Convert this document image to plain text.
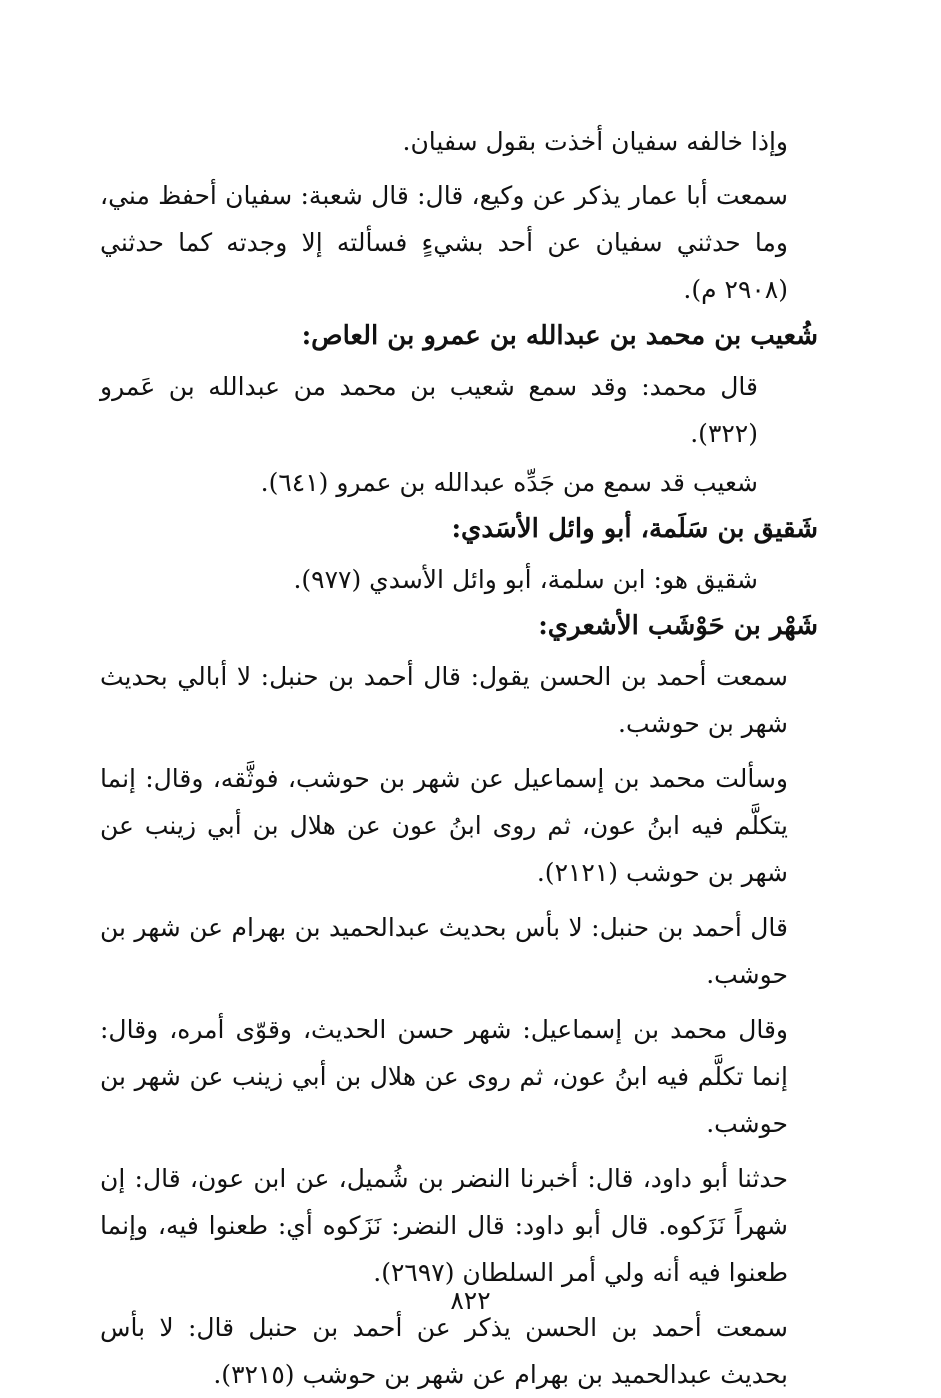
وإذا خالفه سفيان أخذت بقول سفيان.

سمعت أبا عمار يذكر عن وكيع، قال: قال شعبة: سفيان أحفظ مني، وما حدثني سفيان عن أحد بشيءٍ فسألته إلا وجدته كما حدثني (٢٩٠٨ م).

شُعيب بن محمد بن عبدالله بن عمرو بن العاص:

قال محمد: وقد سمع شعيب بن محمد من عبدالله بن عَمرو (٣٢٢).

شعيب قد سمع من جَدِّه عبدالله بن عمرو (٦٤١).

شَقيق بن سَلَمة، أبو وائل الأسَدي:

شقيق هو: ابن سلمة، أبو وائل الأسدي (٩٧٧).

شَهْر بن حَوْشَب الأشعري:

سمعت أحمد بن الحسن يقول: قال أحمد بن حنبل: لا أبالي بحديث شهر بن حوشب.

وسألت محمد بن إسماعيل عن شهر بن حوشب، فوثَّقه، وقال: إنما يتكلَّم فيه ابنُ عون، ثم روى ابنُ عون عن هلال بن أبي زينب عن شهر بن حوشب (٢١٢١).

قال أحمد بن حنبل: لا بأس بحديث عبدالحميد بن بهرام عن شهر بن حوشب.

وقال محمد بن إسماعيل: شهر حسن الحديث، وقوّى أمره، وقال: إنما تكلَّم فيه ابنُ عون، ثم روى عن هلال بن أبي زينب عن شهر بن حوشب.

حدثنا أبو داود، قال: أخبرنا النضر بن شُميل، عن ابن عون، قال: إن شهراً نَزَكوه. قال أبو داود: قال النضر: نَزَكوه أي: طعنوا فيه، وإنما طعنوا فيه أنه ولي أمر السلطان (٢٦٩٧).

سمعت أحمد بن الحسن يذكر عن أحمد بن حنبل قال: لا بأس بحديث عبدالحميد بن بهرام عن شهر بن حوشب (٣٢١٥).

٨٢٢
